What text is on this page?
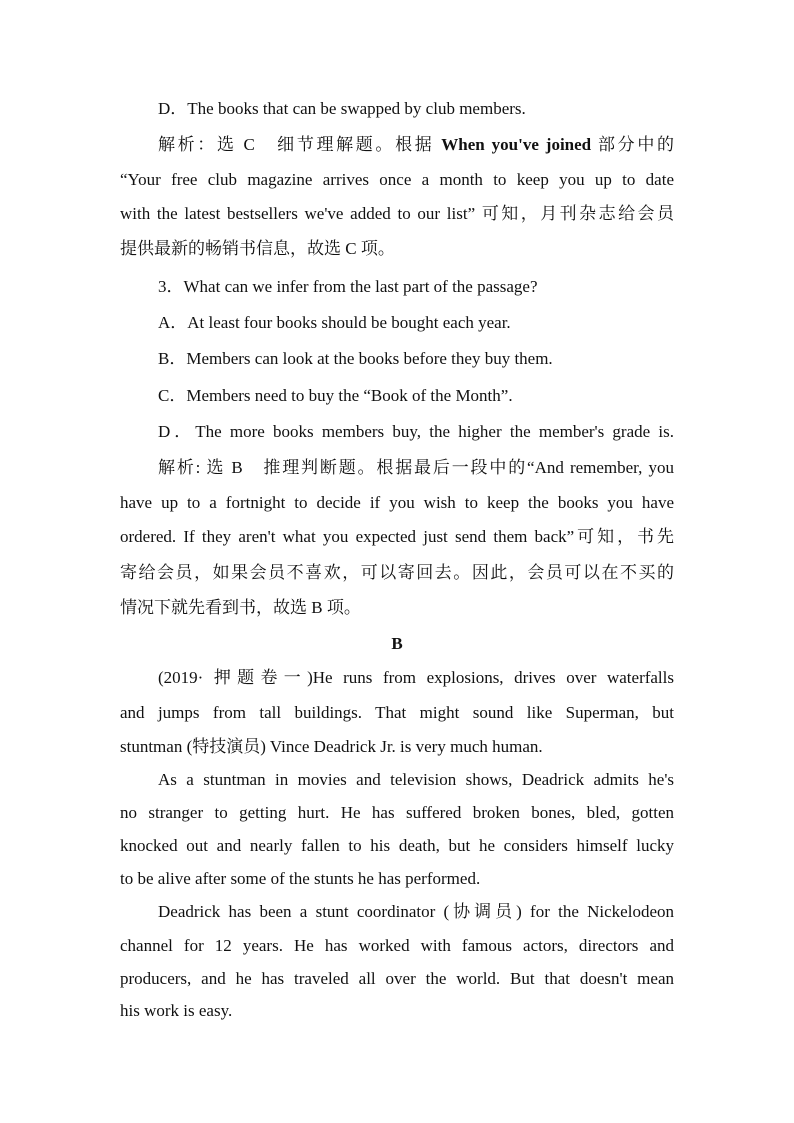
D．The books that can be swapped by club members.
解析：选 C　细节理解题。根据 When you've joined 部分中的
“Your free club magazine arrives once a month to keep you up to date
with the latest bestsellers we've added to our list” 可知，月刊杂志给会员
提供最新的畅销书信息，故选 C 项。
3．What can we infer from the last part of the passage?
A．At least four books should be bought each year.
B．Members can look at the books before they buy them.
C．Members need to buy the “Book of the Month”.
D．The more books members buy, the higher the member's grade is.
解析: 选 B　推理判断题。根据最后一段中的“And remember, you
have up to a fortnight to decide if you wish to keep the books you have
ordered. If they aren't what you expected just send them back”可知，书先
寄给会员，如果会员不喜欢，可以寄回去。因此，会员可以在不买的
情况下就先看到书，故选 B 项。
B
(2019· 押题卷一)He runs from explosions, drives over waterfalls
and jumps from tall buildings. That might sound like Superman, but
stuntman (特技演员) Vince Deadrick Jr. is very much human.
As a stuntman in movies and television shows, Deadrick admits he's
no stranger to getting hurt. He has suffered broken bones, bled, gotten
knocked out and nearly fallen to his death, but he considers himself lucky
to be alive after some of the stunts he has performed.
Deadrick has been a stunt coordinator (协调员) for the Nickelodeon
channel for 12 years. He has worked with famous actors, directors and
producers, and he has traveled all over the world. But that doesn't mean
his work is easy.
